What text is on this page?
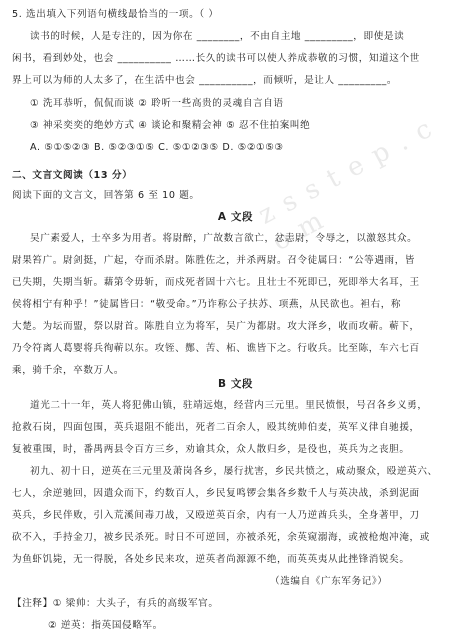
z s s t e p . c o m
5. 选出填入下列语句横线最恰当的一项。（ ）
读书的时候，人是专注的，因为你在 ________，不由自主地 _________，即使是读
闲书，看到妙处，也会 __________ ……长久的读书可以使人养成恭敬的习惯，知道这个世
界上可以为师的人太多了，在生活中也会 __________，而倾听，是让人 _________。
① 洗耳恭听，侃侃而谈 ② 聆听一些高贵的灵魂自言自语
③ 神采奕奕的绝妙方式 ④ 谈论和聚精会神 ⑤ 忍不住拍案叫绝
A. ⑤①⑤②③ B. ⑤②③①⑤ C. ⑤①②③⑤ D. ⑤②①⑤③
二、文言文阅读（13 分）
阅读下面的文言文，回答第 6 至 10 题。
A 文段
吴广素爱人，士卒多为用者。将尉醉，广故数言欲亡，忿恚尉，令辱之，以激怒其众。
尉果笞广。尉剑挺，广起，夺而杀尉。陈胜佐之，并杀两尉。召令徒属曰：“公等遇雨，皆
已失期，失期当斩。藉第令毋斩，而戍死者固十六七。且壮士不死即已，死即举大名耳，王
侯将相宁有种乎！”徒属皆曰：“敬受命。”乃诈称公子扶苏、项燕，从民欲也。袒右，称
大楚。为坛而盟，祭以尉首。陈胜自立为将军，吴广为都尉。攻大泽乡，收而攻蕲。蕲下，
乃令符离人葛婴将兵徇蕲以东。攻铚、酂、苦、柘、谯皆下之。行收兵。比至陈，车六七百
乘，骑千余，卒数万人。
B 文段
道光二十一年，英人将犯佛山镇，驻靖远炮，经营内三元里。里民愤恨，号召各乡义勇，
抢救石岗，四面包围，英兵退阻不能出，死者二百余人，殴其统帅伯麦，英军义律自驰援，
复被重围，时，番禺两县令百方三乡，劝谕其众，众人散归乡，是役也，英兵为之丧胆。
初九、初十日，逆英在三元里及萧岗各乡，屡行扰害，乡民共愤之，咸动聚众，殴逆英六、
七人，余逆驰回，因遣众而下，约数百人，乡民复鸣锣会集各乡数千人与英决战，杀到泥面
英兵，乡民伴败，引入荒溪间毒刀战，又殴逆英百余，内有一人乃逆酋兵头，全身著甲，刀
砍不入，手持金刀，被乡民杀死。时日不可逆回，亦被杀死，余英窥溺海，或被枪炮冲淹，或
为鱼虾饥毙，无一得脱，各处乡民来攻，逆英者尚源源不绝，而英英夷从此挫锋消锐矣。
（选编自《广东军务记》）
【注释】① 梁帅：大头子，有兵的高级军官。
② 逆英：指英国侵略军。
